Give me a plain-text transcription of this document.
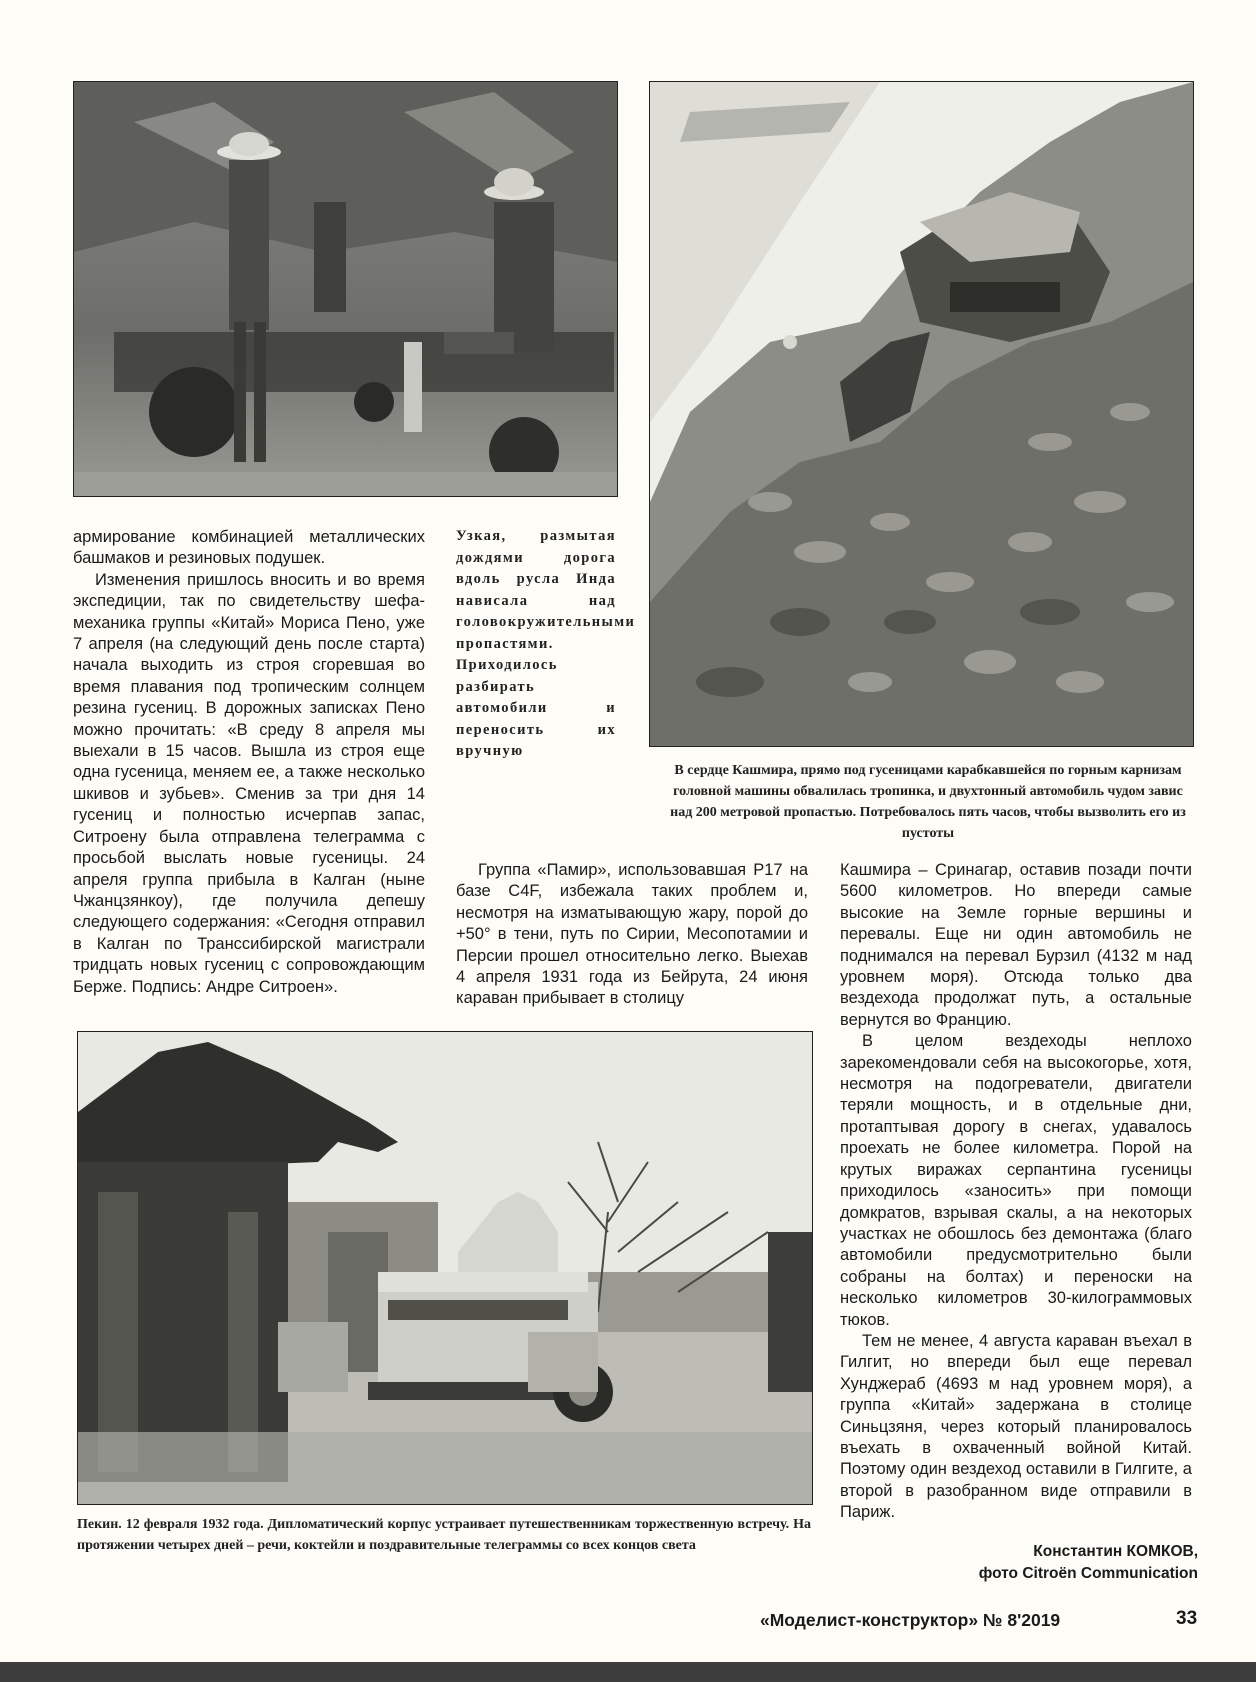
армирование комбинацией металлических башмаков и резиновых подушек.

Изменения пришлось вносить и во время экспедиции, так по свидетельству шефа-механика группы «Китай» Мориса Пено, уже 7 апреля (на следующий день после старта) начала выходить из строя сгоревшая во время плавания под тропическим солнцем резина гусениц. В дорожных записках Пено можно прочитать: «В среду 8 апреля мы выехали в 15 часов. Вышла из строя еще одна гусеница, меняем ее, а также несколько шкивов и зубьев». Сменив за три дня 14 гусениц и полностью исчерпав запас, Ситроену была отправлена телеграмма с просьбой выслать новые гусеницы. 24 апреля группа прибыла в Калган (ныне Чжанцзянкоу), где получила депешу следующего содержания: «Сегодня отправил в Калган по Транссибирской магистрали тридцать новых гусениц с сопровождающим Берже. Подпись: Андре Ситроен».

Узкая, размытая дождями дорога вдоль русла Инда нависала над головокружительными пропастями. Приходилось разбирать автомобили и переносить их вручную
В сердце Кашмира, прямо под гусеницами карабкавшейся по горным карнизам головной машины обвалилась тропинка, и двухтонный автомобиль чудом завис над 200 метровой пропастью. Потребовалось пять часов, чтобы вызволить его из пустоты

Группа «Памир», использовавшая P17 на базе C4F, избежала таких проблем и, несмотря на изматывающую жару, порой до +50° в тени, путь по Сирии, Месопотамии и Персии прошел относительно легко. Выехав 4 апреля 1931 года из Бейрута, 24 июня караван прибывает в столицу

Кашмира – Сринагар, оставив позади почти 5600 километров. Но впереди самые высокие на Земле горные вершины и перевалы. Еще ни один автомобиль не поднимался на перевал Бурзил (4132 м над уровнем моря). Отсюда только два вездехода продолжат путь, а остальные вернутся во Францию.

В целом вездеходы неплохо зарекомендовали себя на высокогорье, хотя, несмотря на подогреватели, двигатели теряли мощность, и в отдельные дни, протаптывая дорогу в снегах, удавалось проехать не более километра. Порой на крутых виражах серпантина гусеницы приходилось «заносить» при помощи домкратов, взрывая скалы, а на некоторых участках не обошлось без демонтажа (благо автомобили предусмотрительно были собраны на болтах) и переноски на несколько километров 30-килограммовых тюков.

Тем не менее, 4 августа караван въехал в Гилгит, но впереди был еще перевал Хунджераб (4693 м над уровнем моря), а группа «Китай» задержана в столице Синьцзяня, через который планировалось въехать в охваченный войной Китай. Поэтому один вездеход оставили в Гилгите, а второй в разобранном виде отправили в Париж.

Пекин. 12 февраля 1932 года. Дипломатический корпус устраивает путешественникам торжественную встречу. На протяжении четырех дней – речи, коктейли и поздравительные телеграммы со всех концов света	Константин КОМКОВ,
фото Citroën Communication
«Моделист-конструктор» № 8'2019	33
